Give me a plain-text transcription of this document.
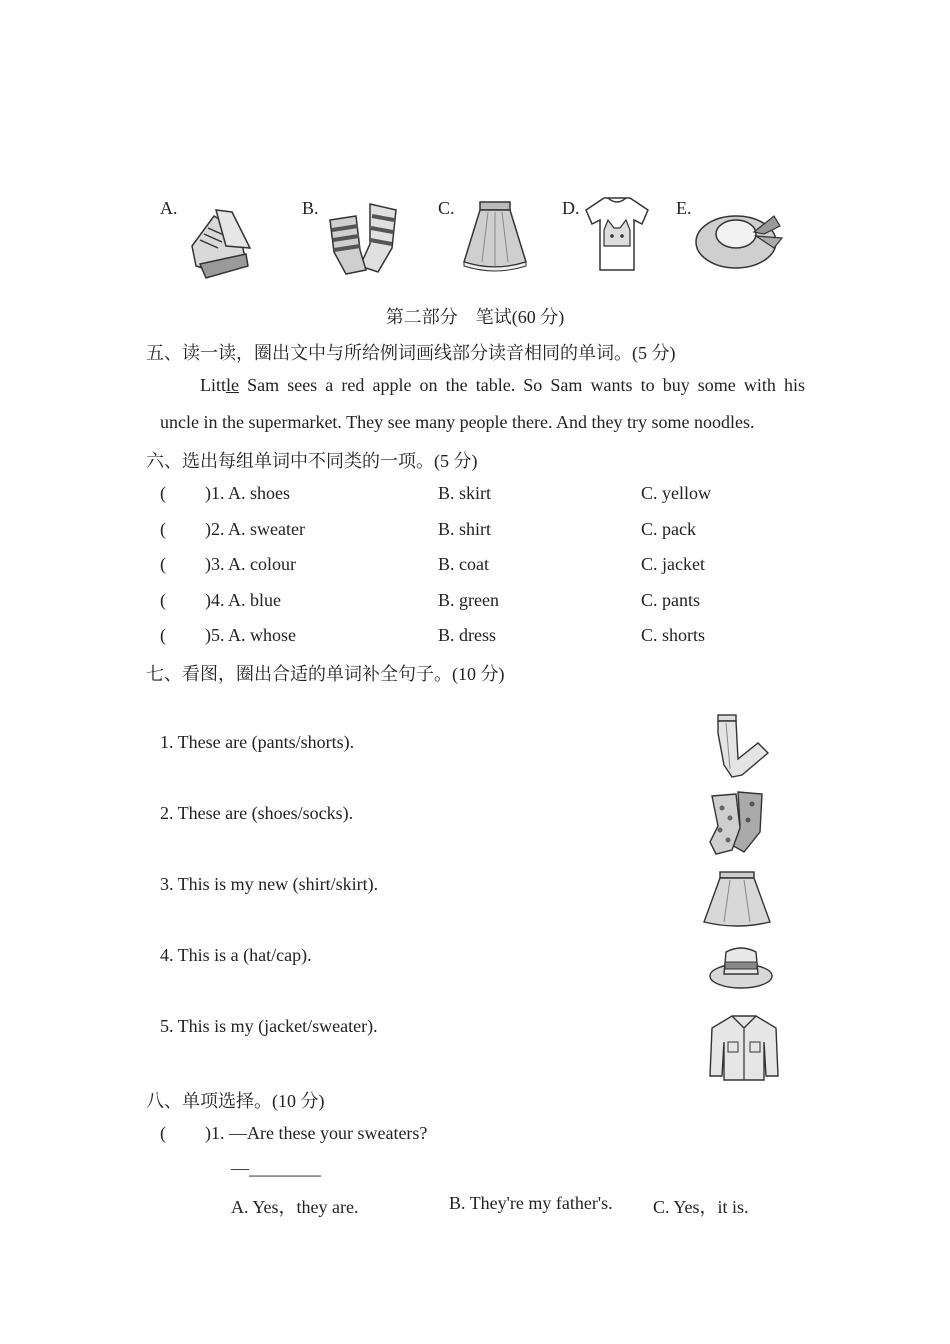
A.	B.	C.	D.	E.
第二部分　笔试(60 分)
五、读一读，圈出文中与所给例词画线部分读音相同的单词。(5 分)
Little Sam sees a red apple on the table. So Sam wants to buy some with his
uncle in the supermarket. They see many people there. And they try some noodles.
六、选出每组单词中不同类的一项。(5 分)
( )1. A. shoes	B. skirt	C. yellow
( )2. A. sweater	B. shirt	C. pack
( )3. A. colour	B. coat	C. jacket
( )4. A. blue	B. green	C. pants
( )5. A. whose	B. dress	C. shorts
七、看图，圈出合适的单词补全句子。(10 分)
1. These are (pants/shorts).
2. These are (shoes/socks).
3. This is my new (shirt/skirt).
4. This is a (hat/cap).
5. This is my (jacket/sweater).
八、单项选择。(10 分)
( )1. —Are these your sweaters?
—________
A. Yes，they are.	B. They're my father's. C. Yes，it is.
